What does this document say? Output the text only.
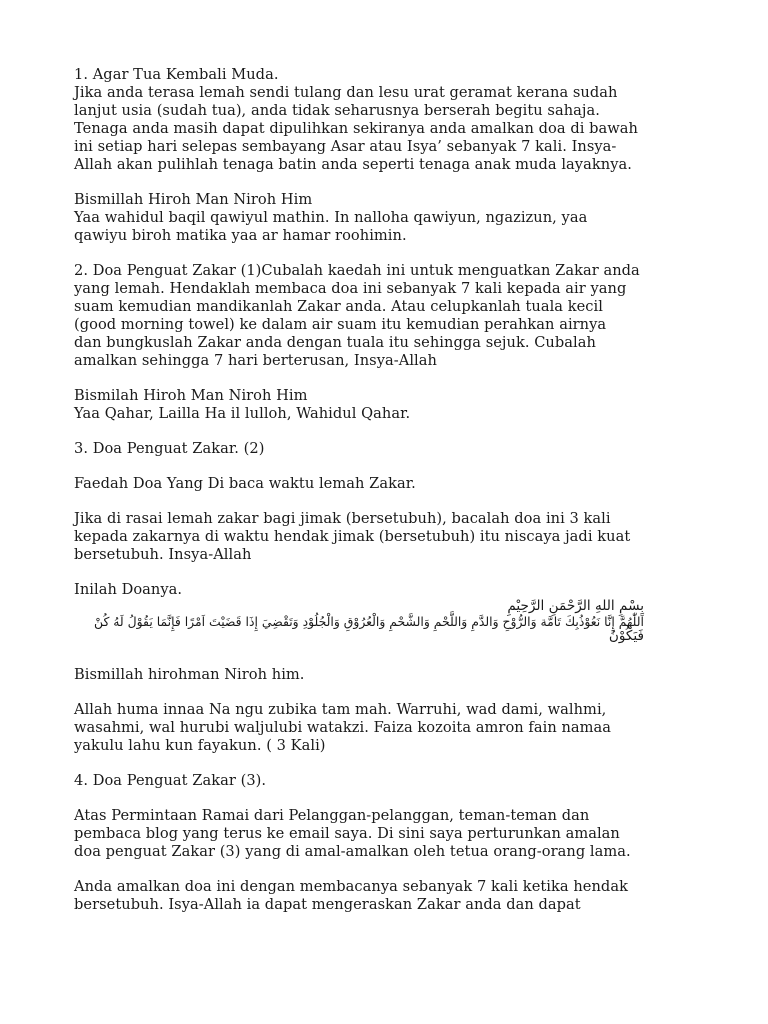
1. Agar Tua Kembali Muda.
Jika anda terasa lemah sendi tulang dan lesu urat geramat kerana sudah
lanjut usia (sudah tua), anda tidak seharusnya berserah begitu sahaja.
Tenaga anda masih dapat dipulihkan sekiranya anda amalkan doa di bawah
ini setiap hari selepas sembayang Asar atau Isya’ sebanyak 7 kali. Insya-
Allah akan pulihlah tenaga batin anda seperti tenaga anak muda layaknya.
Bismillah Hiroh Man Niroh Him
Yaa wahidul baqil qawiyul mathin. In nalloha qawiyun, ngazizun, yaa
qawiyu biroh matika yaa ar hamar roohimin.
2. Doa Penguat Zakar (1)Cubalah kaedah ini untuk menguatkan Zakar anda
yang lemah. Hendaklah membaca doa ini sebanyak 7 kali kepada air yang
suam kemudian mandikanlah Zakar anda. Atau celupkanlah tuala kecil
(good morning towel) ke dalam air suam itu kemudian perahkan airnya
dan bungkuslah Zakar anda dengan tuala itu sehingga sejuk. Cubalah
amalkan sehingga 7 hari berterusan, Insya-Allah
Bismilah Hiroh Man Niroh Him
Yaa Qahar, Lailla Ha il lulloh, Wahidul Qahar.
3. Doa Penguat Zakar. (2)
Faedah Doa Yang Di baca waktu lemah Zakar.
Jika di rasai lemah zakar bagi jimak (bersetubuh), bacalah doa ini 3 kali
kepada zakarnya di waktu hendak jimak (bersetubuh) itu niscaya jadi kuat
bersetubuh. Insya-Allah
Inilah Doanya.
بِسْمِ اللهِ الرَّحْمَنِ الرَّحِيْمِ
اَللّٰهُمَّ إِنَّا نَعُوْذُبِكَ تَامَّة وَالرُّوْحِ وَالدَّمِ وَاللَّحْمِ وَالشَّحْمِ وَالْعُرُوْقِ وَالْجُلُوْدِ وَتَقْضِيَ إِذَا قَضَيْتَ اَمْرًا فَإِنَّمَا يَقُوْلُ لَهُ كُنْ
فَيَكُوْنُ
Bismillah hirohman Niroh him.
Allah huma innaa Na ngu zubika tam mah. Warruhi, wad dami, walhmi,
wasahmi, wal hurubi waljulubi watakzi. Faiza kozoita amron fain namaa
yakulu lahu kun fayakun. ( 3 Kali)
4. Doa Penguat Zakar (3).
Atas Permintaan Ramai dari Pelanggan-pelanggan, teman-teman dan
pembaca blog yang terus ke email saya. Di sini saya perturunkan amalan
doa penguat Zakar (3) yang di amal-amalkan oleh tetua orang-orang lama.
Anda amalkan doa ini dengan membacanya sebanyak 7 kali ketika hendak
bersetubuh. Isya-Allah ia dapat mengeraskan Zakar anda dan dapat
